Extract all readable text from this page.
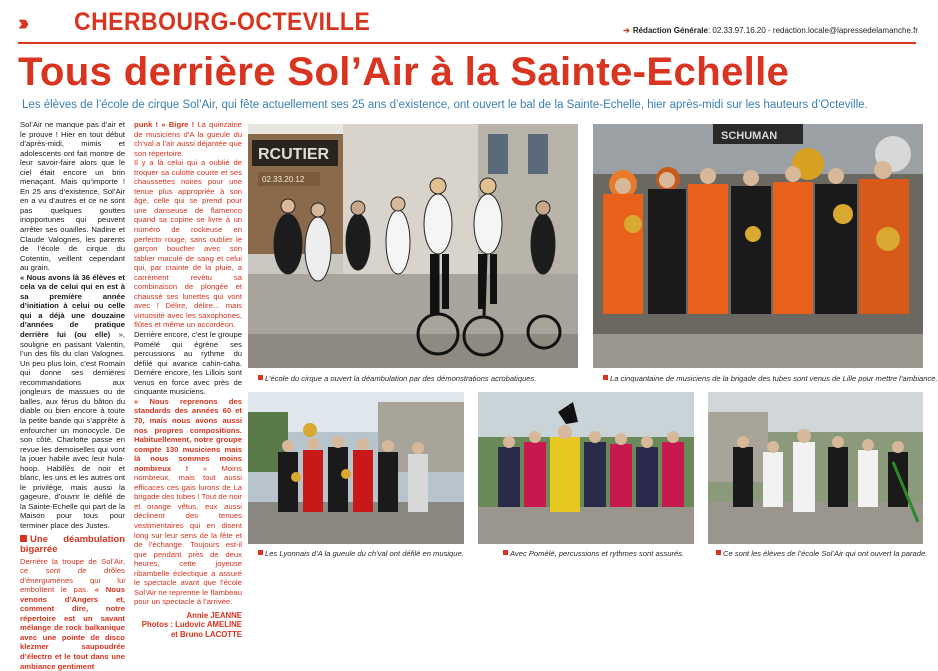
›››› CHERBOURG-OCTEVILLE	➔ Rédaction Générale: 02.33.97.16.20 - redaction.locale@lapressedelamanche.fr
Tous derrière Sol’Air à la Sainte-Echelle
Les élèves de l’école de cirque Sol’Air, qui fête actuellement ses 25 ans d’existence, ont ouvert le bal de la Sainte-Echelle, hier après-midi sur les hauteurs d’Octeville.

Sol’Air ne manque pas d’air et le prouve ! Hier en tout début d’après-midi, mimis et adolescents ont fait montre de leur savoir-faire alors que le ciel était encore un brin menaçant. Mais qu’importe ! En 25 ans d’existence, Sol’Air en a vu d’autres et ce ne sont pas quelques gouttes inopportunes qui peuvent arrêter ses ouailles. Nadine et Claude Valognes, les parents de l’école de cirque du Cotentin, veillent cependant au grain.

« Nous avons là 36 élèves et cela va de celui qui en est à sa première année d’initiation à celui ou celle qui a déjà une douzaine d’années de pratique derrière lui (ou elle) », souligne en passant Valentin, l’un des fils du clan Valognes. Un peu plus loin, c’est Romain qui donne ses dernières recommandations aux jongleurs de massues ou de balles, aux férus du bâton du diable ou bien encore à toute la petite bande qui s’apprête à enfourcher un monocycle. De son côté, Charlotte passe en revue les demoiselles qui vont la jouer habile avec leur hula-hoop. Habillés de noir et blanc, les uns et les autres ont le privilège, mais aussi la gageure, d’ouvrir le défilé de la Sainte-Echelle qui part de la Maison pour tous pour terminer place des Justes.

Une déambulation bigarrée

Derrière la troupe de Sol’Air, ce sont de drôles d’énergumènes qui lui emboîtent le pas. « Nous venons d’Angers et, comment dire, notre répertoire est un savant mélange de rock balkanique avec une pointe de disco klezmer saupoudrée d’électro et le tout dans une ambiance gentiment

punk ! » Bigre ! La quinzaine de musiciens d’A la gueule du ch’val a l’air aussi déjantée que son répertoire.

Il y a là celui qui a oublié de troquer sa culotte courte et ses chaussettes noires pour une tenue plus appropriée à son âge, celle qui se prend pour une danseuse de flamenco quand sa copine se livre à un numéro de rockeuse en perfecto rouge, sans oublier le garçon boucher avec son tablier maculé de sang et celui qui, par crainte de la pluie, a carrément revêtu sa combinaison de plongée et chaussé ses lunettes qui vont avec ! Délire, délire... mais virtuosité avec les saxophones, flûtes et même un accordéon.

Derrière encore, c’est le groupe Pomélé qui égrène ses percussions au rythme du défilé qui avance cahin-caha. Derrière encore, les Lillois sont venus en force avec près de cinquante musiciens.

« Nous reprenons des standards des années 60 et 70, mais nous avons aussi nos propres compositions. Habituellement, notre groupe compte 130 musiciens mais là nous sommes moins nombreux ! » Moins nombreux, mais tout aussi efficaces ces gais lurons de La brigade des tubes ! Tout de noir et orange vêtus, eux aussi déclinent des tenues vestimentaires qui en disent long sur leur sens de la fête et de l’échange. Toujours est-il que pendant près de deux heures, cette joyeuse ribambelle éclectique a assuré le spectacle avant que l’école Sol’Air ne reprenne le flambeau pour un spectacle à l’arrivée.

Annie JEANNE
Photos : Ludovic AMELINE
et Bruno LACOTTE
RCUTIER
02.33.20.12
L’école du cirque a ouvert la déambulation par des démonstrations acrobatiques.
SCHUMAN
La cinquantaine de musiciens de la brigade des tubes sont venus de Lille pour mettre l’ambiance.
Les Lyonnais d’A la gueule du ch’val ont défilé en musique.	Avec Pomélé, percussions et rythmes sont assurés.	Ce sont les élèves de l’école Sol’Air qui ont ouvert la parade.
